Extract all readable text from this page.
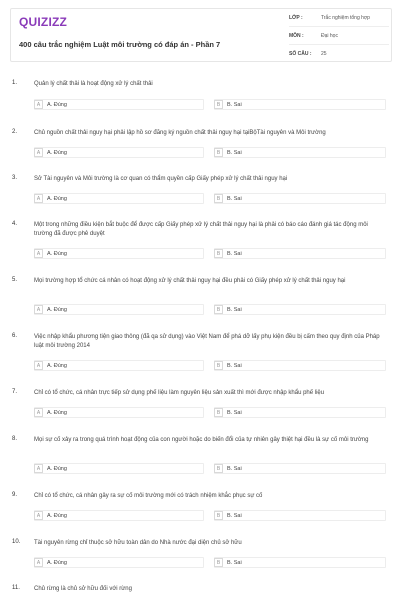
QUIZIZZ
400 câu trắc nghiệm Luật môi trường có đáp án - Phần 7
LỚP :	Trắc nghiệm tổng hợp
MÔN :	Đại học
SỐ CÂU :	25
1.	Quản lý chất thải là hoạt động xử lý chất thải
A	A. Đúng	B	B. Sai
2.	Chủ nguồn chất thải nguy hại phải lập hồ sơ đăng ký nguồn chất thải nguy hại tạiBộTài nguyên và Môi trường
A	A. Đúng	B	B. Sai
3.	Sở Tài nguyên và Môi trường là cơ quan có thẩm quyền cấp Giấy phép xử lý chất thải nguy hại
A	A. Đúng	B	B. Sai
4.	Một trong những điều kiện bắt buộc để được cấp Giấy phép xử lý chất thải nguy hại là phải có báo cáo đánh giá tác động môi trường đã được phê duyệt
A	A. Đúng	B	B. Sai
5.	Mọi trường hợp tổ chức cá nhân có hoạt động xử lý chất thải nguy hại đều phải có Giấy phép xử lý chất thải nguy hại
A	A. Đúng	B	B. Sai
6.	Việc nhập khẩu phương tiện giao thông (đã qa sử dụng) vào Việt Nam để phá dỡ lấy phụ kiện đều bị cấm theo quy định của Pháp luật môi trường 2014
A	A. Đúng	B	B. Sai
7.	Chỉ có tổ chức, cá nhân trực tiếp sử dụng phế liệu làm nguyên liệu sản xuất thì mới được nhập khẩu phế liệu
A	A. Đúng	B	B. Sai
8.	Mọi sự cố xảy ra trong quá trình hoạt động của con người hoặc do biến đổi của tự nhiên gây thiệt hại đều là sự cố môi trường
A	A. Đúng	B	B. Sai
9.	Chỉ có tổ chức, cá nhân gây ra sự cố môi trường mới có trách nhiệm khắc phục sự cố
A	A. Đúng	B	B. Sai
10. Tài nguyên rừng chỉ thuộc sở hữu toàn dân do Nhà nước đại diện chủ sở hữu
A	A. Đúng	B	B. Sai
11. Chủ rừng là chủ sở hữu đối với rừng
